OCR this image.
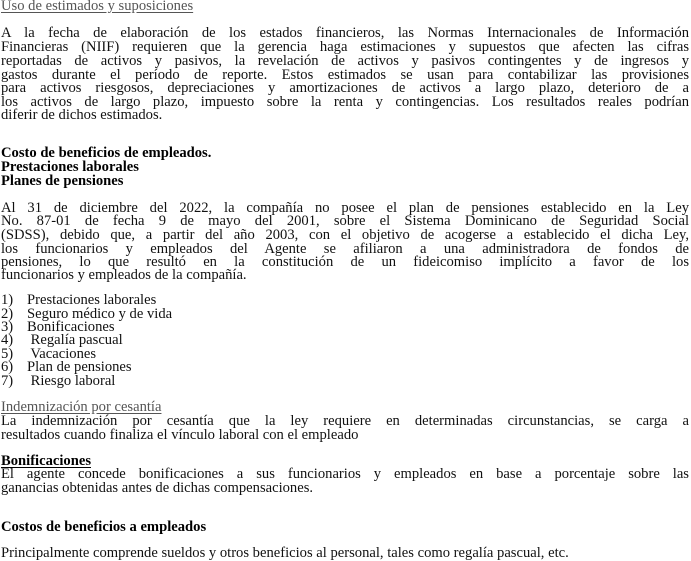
Uso de estimados y suposiciones
A la fecha de elaboración de los estados financieros, las Normas Internacionales de Información
Financieras (NIIF) requieren que la gerencia haga estimaciones y supuestos que afecten las cifras
reportadas de activos y pasivos, la revelación de activos y pasivos contingentes y de ingresos y
gastos durante el período de reporte. Estos estimados se usan para contabilizar las provisiones
para activos riesgosos, depreciaciones y amortizaciones de activos a largo plazo, deterioro de a
los activos de largo plazo, impuesto sobre la renta y contingencias. Los resultados reales podrían
diferir de dichos estimados.
Costo de beneficios de empleados.
Prestaciones laborales
Planes de pensiones
Al 31 de diciembre del 2022, la compañía no posee el plan de pensiones establecido en la Ley
No. 87-01 de fecha 9 de mayo del 2001, sobre el Sistema Dominicano de Seguridad Social
(SDSS), debido que, a partir del año 2003, con el objetivo de acogerse a establecido el dicha Ley,
los funcionarios y empleados del Agente se afiliaron a una administradora de fondos de
pensiones, lo que resultó en la constitución de un fideicomiso implícito a favor de los
funcionarios y empleados de la compañía.
1) Prestaciones laborales
2) Seguro médico y de vida
3) Bonificaciones
4) Regalía pascual
5) Vacaciones
6) Plan de pensiones
7) Riesgo laboral
Indemnización por cesantía
La indemnización por cesantía que la ley requiere en determinadas circunstancias, se carga a
resultados cuando finaliza el vínculo laboral con el empleado
Bonificaciones
El agente concede bonificaciones a sus funcionarios y empleados en base a porcentaje sobre las
ganancias obtenidas antes de dichas compensaciones.
Costos de beneficios a empleados
Principalmente comprende sueldos y otros beneficios al personal, tales como regalía pascual, etc.
